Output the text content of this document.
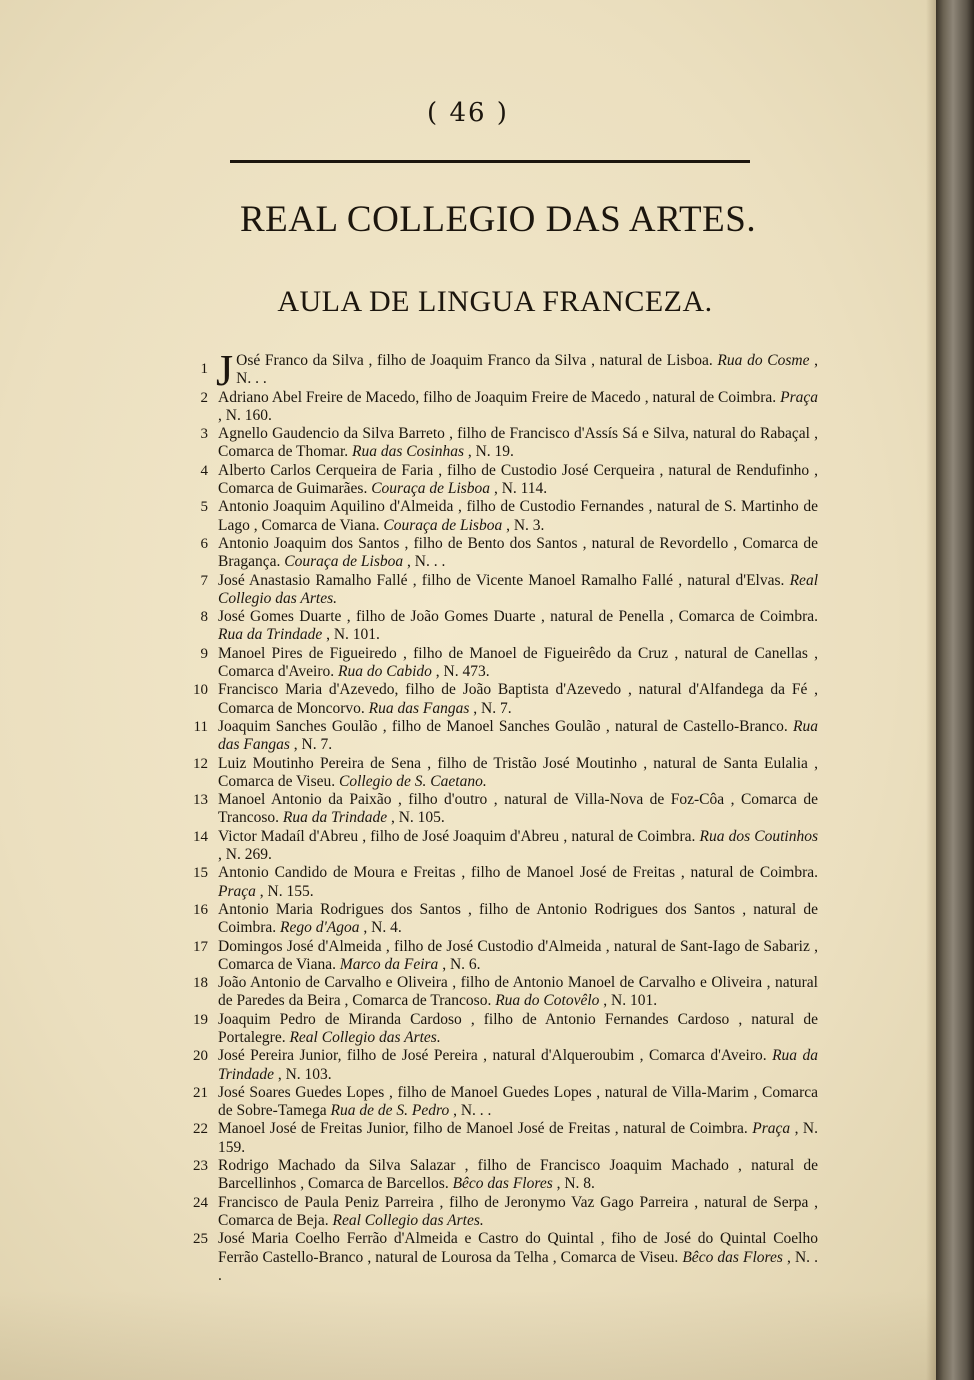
( 46 )
REAL COLLEGIO DAS ARTES.
AULA DE LINGUA FRANCEZA.
1 J Osé Franco da Silva , filho de Joaquim Franco da Silva , natural de Lisboa. Rua do Cosme , N. . .
2 Adriano Abel Freire de Macedo, filho de Joaquim Freire de Macedo , natural de Coimbra. Praça , N. 160.
3 Agnello Gaudencio da Silva Barreto , filho de Francisco d'Assís Sá e Silva, natural do Rabaçal , Comarca de Thomar. Rua das Cosinhas , N. 19.
4 Alberto Carlos Cerqueira de Faria , filho de Custodio José Cerqueira , natural de Rendufinho , Comarca de Guimarães. Couraça de Lisboa , N. 114.
5 Antonio Joaquim Aquilino d'Almeida , filho de Custodio Fernandes , natural de S. Martinho de Lago , Comarca de Viana. Couraça de Lisboa , N. 3.
6 Antonio Joaquim dos Santos , filho de Bento dos Santos , natural de Revordello , Comarca de Bragança. Couraça de Lisboa , N. . .
7 José Anastasio Ramalho Fallé , filho de Vicente Manoel Ramalho Fallé , natural d'Elvas. Real Collegio das Artes.
8 José Gomes Duarte , filho de João Gomes Duarte , natural de Penella , Comarca de Coimbra. Rua da Trindade , N. 101.
9 Manoel Pires de Figueiredo , filho de Manoel de Figueirêdo da Cruz , natural de Canellas , Comarca d'Aveiro. Rua do Cabido , N. 473.
10 Francisco Maria d'Azevedo, filho de João Baptista d'Azevedo , natural d'Alfandega da Fé , Comarca de Moncorvo. Rua das Fangas , N. 7.
11 Joaquim Sanches Goulão , filho de Manoel Sanches Goulão , natural de Castello-Branco. Rua das Fangas , N. 7.
12 Luiz Moutinho Pereira de Sena , filho de Tristão José Moutinho , natural de Santa Eulalia , Comarca de Viseu. Collegio de S. Caetano.
13 Manoel Antonio da Paixão , filho d'outro , natural de Villa-Nova de Foz-Côa , Comarca de Trancoso. Rua da Trindade , N. 105.
14 Victor Madaíl d'Abreu , filho de José Joaquim d'Abreu , natural de Coimbra. Rua dos Coutinhos , N. 269.
15 Antonio Candido de Moura e Freitas , filho de Manoel José de Freitas , natural de Coimbra. Praça , N. 155.
16 Antonio Maria Rodrigues dos Santos , filho de Antonio Rodrigues dos Santos , natural de Coimbra. Rego d'Agoa , N. 4.
17 Domingos José d'Almeida , filho de José Custodio d'Almeida , natural de Sant-Iago de Sabariz , Comarca de Viana. Marco da Feira , N. 6.
18 João Antonio de Carvalho e Oliveira , filho de Antonio Manoel de Carvalho e Oliveira , natural de Paredes da Beira , Comarca de Trancoso. Rua do Cotovêlo , N. 101.
19 Joaquim Pedro de Miranda Cardoso , filho de Antonio Fernandes Cardoso , natural de Portalegre. Real Collegio das Artes.
20 José Pereira Junior, filho de José Pereira , natural d'Alqueroubim , Comarca d'Aveiro. Rua da Trindade , N. 103.
21 José Soares Guedes Lopes , filho de Manoel Guedes Lopes , natural de Villa-Marim , Comarca de Sobre-Tamega Rua de de S. Pedro , N. . .
22 Manoel José de Freitas Junior, filho de Manoel José de Freitas , natural de Coimbra. Praça , N. 159.
23 Rodrigo Machado da Silva Salazar , filho de Francisco Joaquim Machado , natural de Barcellinhos , Comarca de Barcellos. Bêco das Flores , N. 8.
24 Francisco de Paula Peniz Parreira , filho de Jeronymo Vaz Gago Parreira , natural de Serpa , Comarca de Beja. Real Collegio das Artes.
25 José Maria Coelho Ferrão d'Almeida e Castro do Quintal , fiho de José do Quintal Coelho Ferrão Castello-Branco , natural de Lourosa da Telha , Comarca de Viseu. Bêco das Flores , N. . .
